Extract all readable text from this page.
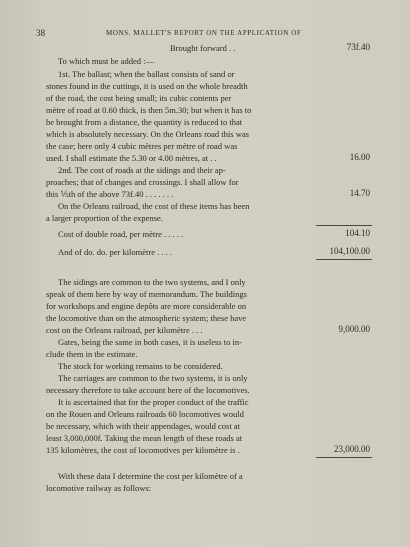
38	MONS. MALLET'S REPORT ON THE APPLICATION OF
Brought forward . .	73f.40
To which must be added :—
1st. The ballast; when the ballast consists of sand or
stones found in the cuttings, it is used on the whole breadth
of the road, the cost being small; its cubic contents per
mètre of road at 0.60 thick, is then 5m.30; but when it has to
be brought from a distance, the quantity is reduced to that
which is absolutely necessary. On the Orleans road this was
the case; here only 4 cubic mètres per mètre of road was
used. I shall estimate the 5.30 or 4.00 mètres, at . .	16.00
2nd. The cost of roads at the sidings and their ap-
proaches; that of changes and crossings. I shall allow for
this ⅕th of the above 73f.40 . . . . . . .	14.70
On the Orleans railroad, the cost of these items has been
a larger proportion of the expense.
Cost of double road, per mètre . . . . .	104.10
And of do. do. per kilomètre . . . .	104,100.00
The sidings are common to the two systems, and I only
speak of them here by way of memorandum. The buildings
for workshops and engine depôts are more considerable on
the locomotive than on the atmospheric system; these have
cost on the Orleans railroad, per kilomètre . . .	9,000.00
Gates, being the same in both cases, it is useless to in-
clude them in the estimate.
The stock for working remains to be considered.
The carriages are common to the two systems, it is only
necessary therefore to take account here of the locomotives.
It is ascertained that for the proper conduct of the traffic
on the Rouen and Orleans railroads 60 locomotives would
be necessary, which with their appendages, would cost at
least 3,000,000f. Taking the mean length of these roads at
135 kilomètres, the cost of locomotives per kilomètre is .	23,000.00
With these data I determine the cost per kilomètre of a
locomotive railway as follows:
